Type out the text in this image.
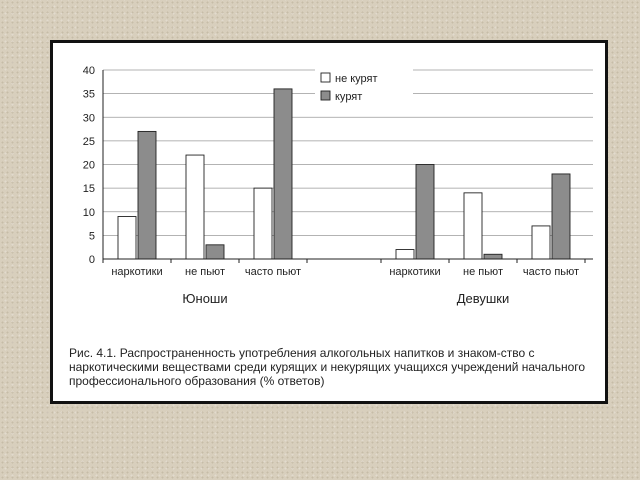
0
5
10
15
20
25
30
35
40
наркотики не пьют часто пьют
Юноши
наркотики не пьют часто пьют
Девушки
не курят
курят

Рис. 4.1. Распространенность употребления алкогольных напитков и знаком-ство с наркотическими веществами среди курящих и некурящих учащихся учреждений начального профессионального образования (% ответов)
